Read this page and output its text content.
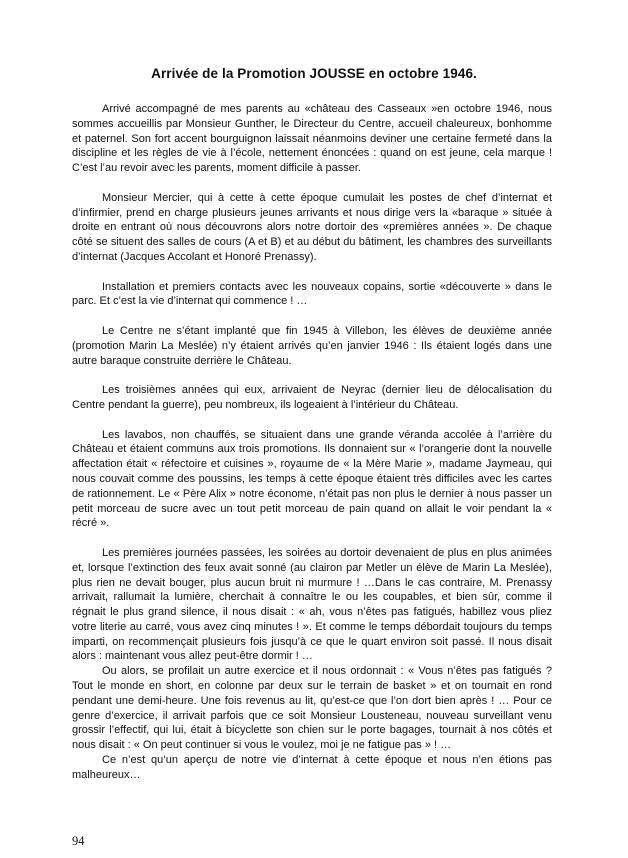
Arrivée de la Promotion JOUSSE en octobre 1946.

Arrivé accompagné de mes parents au «château des Casseaux »en octobre 1946, nous sommes accueillis par Monsieur Gunther, le Directeur du Centre, accueil chaleureux, bonhomme et paternel. Son fort accent bourguignon laissait néanmoins deviner une certaine fermeté dans la discipline et les règles de vie à l’école, nettement énoncées : quand on est jeune, cela marque ! C’est l’au revoir avec les parents, moment difficile à passer.

Monsieur Mercier, qui à cette à cette époque cumulait les postes de chef d’internat et d’infirmier, prend en charge plusieurs jeunes arrivants et nous dirige vers la «baraque » située à droite en entrant où nous découvrons alors notre dortoir des «premières années ». De chaque côté se situent des salles de cours (A et B) et au début du bâtiment, les chambres des surveillants d’internat (Jacques Accolant et Honoré Prenassy).

Installation et premiers contacts avec les nouveaux copains, sortie «découverte » dans le parc. Et c’est la vie d’internat qui commence ! …

Le Centre ne s’étant implanté que fin 1945 à Villebon, les élèves de deuxième année (promotion Marin La Meslée) n’y étaient arrivés qu’en janvier 1946 : Ils étaient logés dans une autre baraque construite derrière le Château.

Les troisièmes années qui eux, arrivaient de Neyrac (dernier lieu de délocalisation du Centre pendant la guerre), peu nombreux, ils logeaient à l’intérieur du Château.

Les lavabos, non chauffés, se situaient dans une grande véranda accolée à l’arrière du Château et étaient communs aux trois promotions. Ils donnaient sur « l’orangerie dont la nouvelle affectation était « réfectoire et cuisines », royaume de « la Mère Marie », madame Jaymeau, qui nous couvait comme des poussins, les temps à cette époque étaient très difficiles avec les cartes de rationnement. Le « Père Alix » notre économe, n’était pas non plus le dernier à nous passer un petit morceau de sucre avec un tout petit morceau de pain quand on allait le voir pendant la « récré ».

Les premières journées passées, les soirées au dortoir devenaient de plus en plus animées et, lorsque l’extinction des feux avait sonné (au clairon par Metler un élève de Marin La Meslée), plus rien ne devait bouger, plus aucun bruit ni murmure ! …Dans le cas contraire, M. Prenassy arrivait, rallumait la lumière, cherchait à connaître le ou les coupables, et bien sûr, comme il régnait le plus grand silence, il nous disait : « ah, vous n’êtes pas fatigués, habillez vous pliez votre literie au carré, vous avez cinq minutes ! ». Et comme le temps débordait toujours du temps imparti, on recommençait plusieurs fois jusqu’à ce que le quart environ soit passé. Il nous disait alors : maintenant vous allez peut-être dormir ! …

Ou alors, se profilait un autre exercice et il nous ordonnait : « Vous n’êtes pas fatigués ? Tout le monde en short, en colonne par deux sur le terrain de basket » et on tournait en rond pendant une demi-heure. Une fois revenus au lit, qu’est-ce que l’on dort bien après ! … Pour ce genre d’exercice, il arrivait parfois que ce soit Monsieur Lousteneau, nouveau surveillant venu grossir l’effectif, qui lui, était à bicyclette son chien sur le porte bagages, tournait à nos côtés et nous disait : « On peut continuer si vous le voulez, moi je ne fatigue pas » ! …

Ce n’est qu’un aperçu de notre vie d’internat à cette époque et nous n’en étions pas malheureux…

94
